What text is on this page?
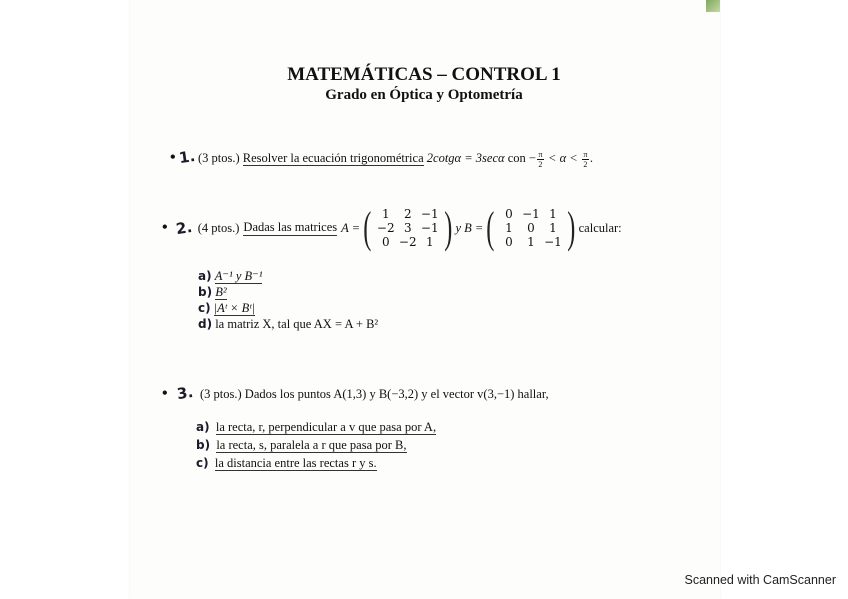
MATEMÁTICAS – CONTROL 1
Grado en Óptica y Optometría
• 1. (3 ptos.) Resolver la ecuación trigonométrica 2cotgα = 3secα con − $\frac{\pi}{2} < \alpha < \frac{\pi}{2}$ .
• 2. (4 ptos.) Dadas las matrices A = ( 1	2 −1
−2 3 −1
0 −2 1 ) y B = ( 0 −1 1
1	0	1
0	1 −1 ) calcular:
a) A⁻¹ y B⁻¹
b) B²
c) |Aᵗ × Bᵗ|
d) la matriz X, tal que AX = A + B²
• 3. (3 ptos.) Dados los puntos A(1,3) y B(−3,2) y el vector v(3,−1) hallar,
a) la recta, r, perpendicular a v que pasa por A,
b) la recta, s, paralela a r que pasa por B,
c) la distancia entre las rectas r y s.
Scanned with CamScanner
